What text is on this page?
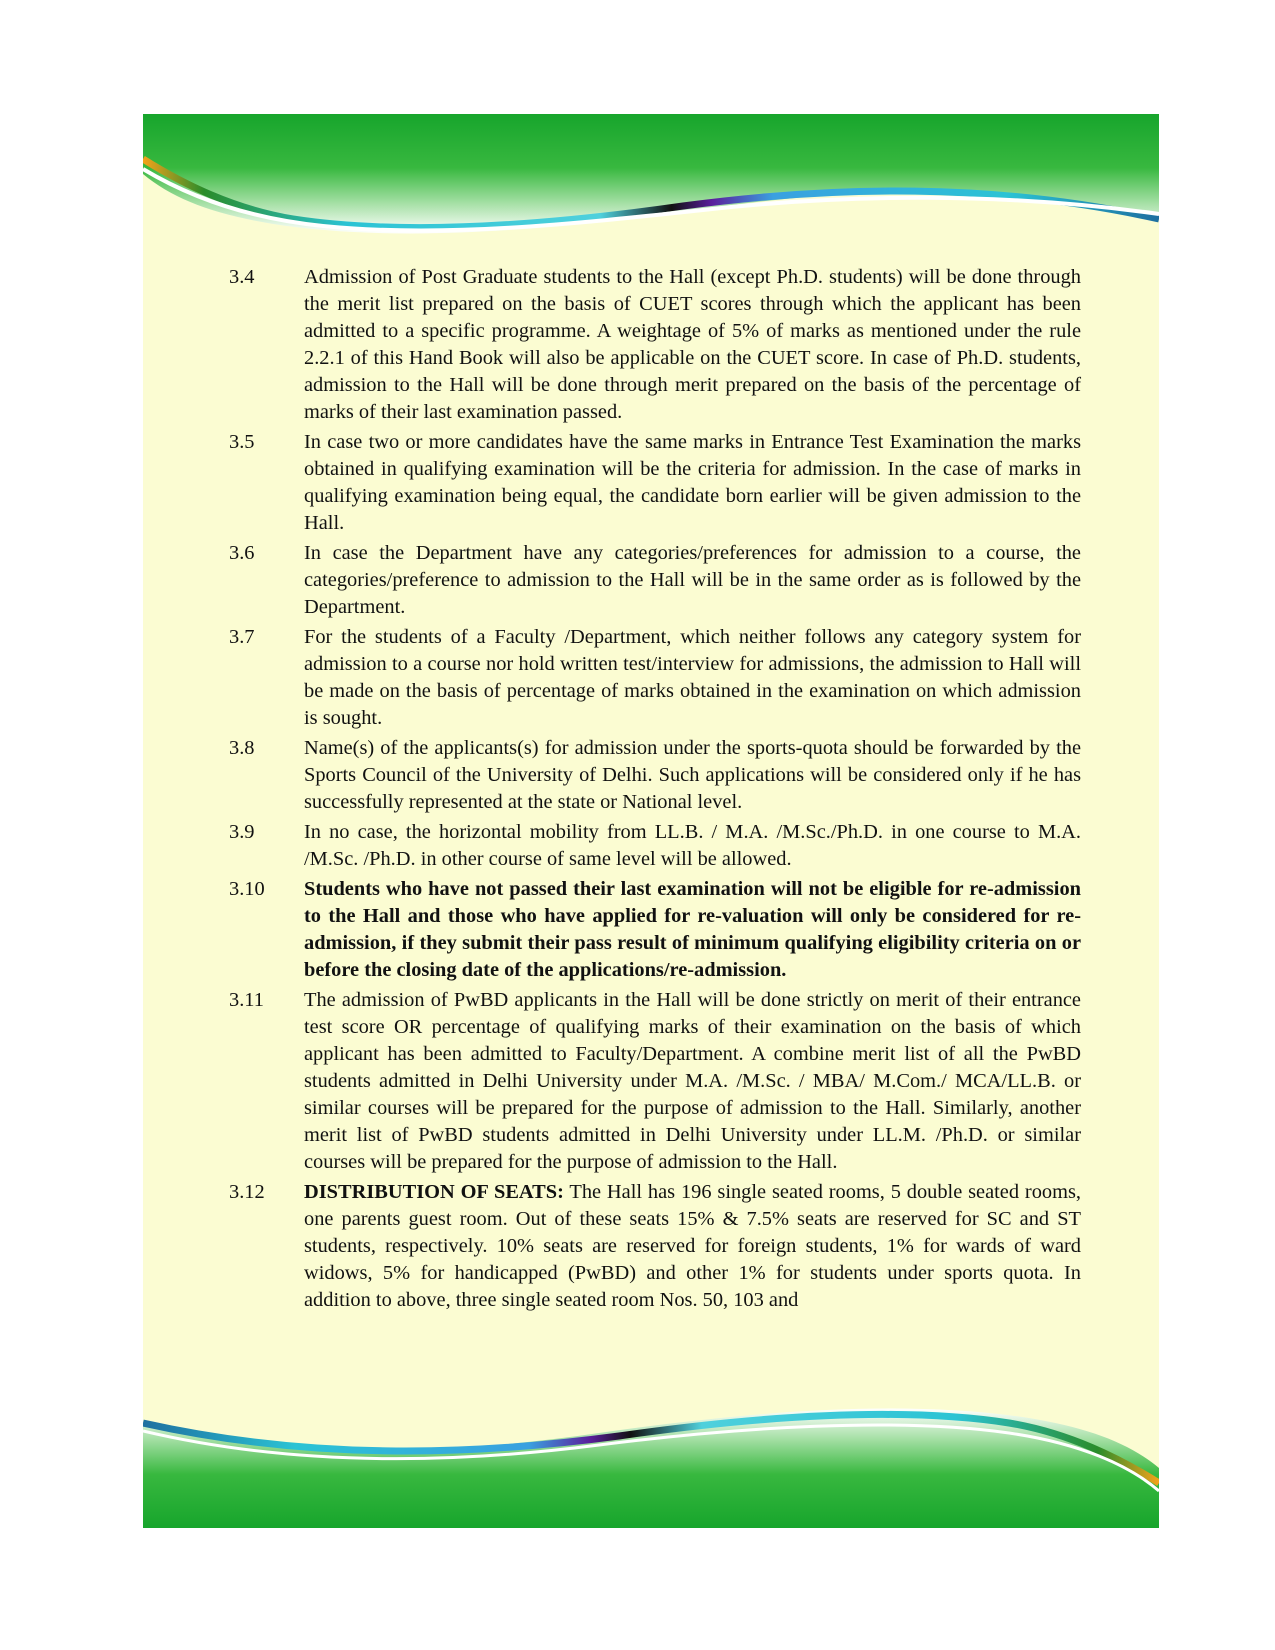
3.4 Admission of Post Graduate students to the Hall (except Ph.D. students) will be done through the merit list prepared on the basis of CUET scores through which the applicant has been admitted to a specific programme. A weightage of 5% of marks as mentioned under the rule 2.2.1 of this Hand Book will also be applicable on the CUET score. In case of Ph.D. students, admission to the Hall will be done through merit prepared on the basis of the percentage of marks of their last examination passed.
3.5 In case two or more candidates have the same marks in Entrance Test Examination the marks obtained in qualifying examination will be the criteria for admission. In the case of marks in qualifying examination being equal, the candidate born earlier will be given admission to the Hall.
3.6 In case the Department have any categories/preferences for admission to a course, the categories/preference to admission to the Hall will be in the same order as is followed by the Department.
3.7 For the students of a Faculty /Department, which neither follows any category system for admission to a course nor hold written test/interview for admissions, the admission to Hall will be made on the basis of percentage of marks obtained in the examination on which admission is sought.
3.8 Name(s) of the applicants(s) for admission under the sports-quota should be forwarded by the Sports Council of the University of Delhi. Such applications will be considered only if he has successfully represented at the state or National level.
3.9 In no case, the horizontal mobility from LL.B. / M.A. /M.Sc./Ph.D. in one course to M.A. /M.Sc. /Ph.D. in other course of same level will be allowed.
3.10 Students who have not passed their last examination will not be eligible for re-admission to the Hall and those who have applied for re-valuation will only be considered for re-admission, if they submit their pass result of minimum qualifying eligibility criteria on or before the closing date of the applications/re-admission.
3.11 The admission of PwBD applicants in the Hall will be done strictly on merit of their entrance test score OR percentage of qualifying marks of their examination on the basis of which applicant has been admitted to Faculty/Department. A combine merit list of all the PwBD students admitted in Delhi University under M.A. /M.Sc. / MBA/ M.Com./ MCA/LL.B. or similar courses will be prepared for the purpose of admission to the Hall. Similarly, another merit list of PwBD students admitted in Delhi University under LL.M. /Ph.D. or similar courses will be prepared for the purpose of admission to the Hall.
3.12 DISTRIBUTION OF SEATS: The Hall has 196 single seated rooms, 5 double seated rooms, one parents guest room. Out of these seats 15% & 7.5% seats are reserved for SC and ST students, respectively. 10% seats are reserved for foreign students, 1% for wards of ward widows, 5% for handicapped (PwBD) and other 1% for students under sports quota. In addition to above, three single seated room Nos. 50, 103 and
